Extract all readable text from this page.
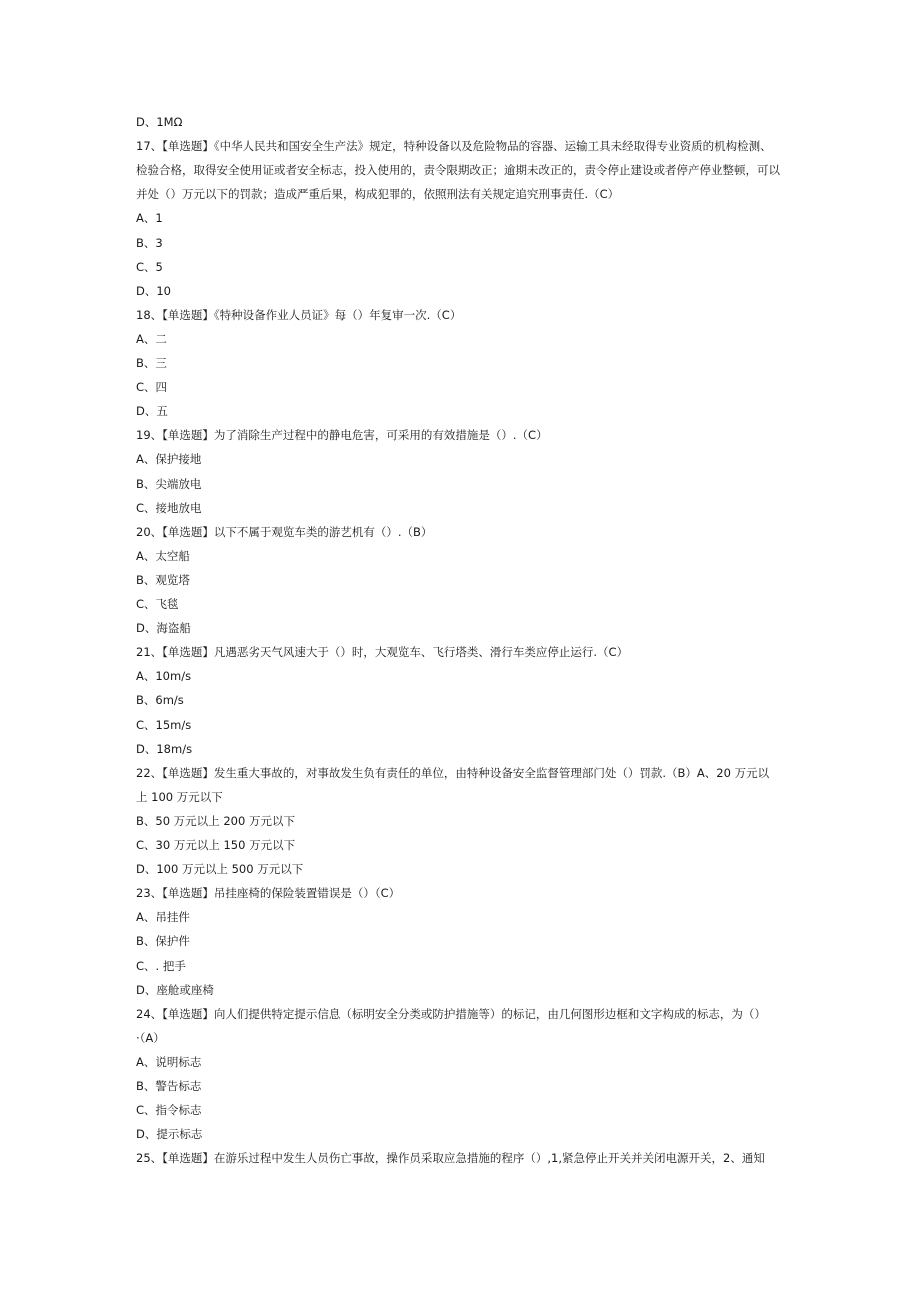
D、1MΩ
17、【单选题】《中华人民共和国安全生产法》规定，特种设备以及危险物品的容器、运输工具未经取得专业资质的机构检测、
检验合格，取得安全使用证或者安全标志，投入使用的，责令限期改正；逾期未改正的，责令停止建设或者停产停业整顿，可以
并处（）万元以下的罚款；造成严重后果，构成犯罪的，依照刑法有关规定追究刑事责任.（C）
A、1
B、3
C、5
D、10
18、【单选题】《特种设备作业人员证》每（）年复审一次.（C）
A、二
B、三
C、四
D、五
19、【单选题】为了消除生产过程中的静电危害，可采用的有效措施是（）.（C）
A、保护接地
B、尖端放电
C、接地放电
20、【单选题】以下不属于观览车类的游艺机有（）.（B）
A、太空船
B、观览塔
C、飞毯
D、海盗船
21、【单选题】凡遇恶劣天气风速大于（）时，大观览车、飞行塔类、滑行车类应停止运行.（C）
A、10m∕s
B、6m∕s
C、15m∕s
D、18m∕s
22、【单选题】发生重大事故的，对事故发生负有责任的单位，由特种设备安全监督管理部门处（）罚款.（B）A、20 万元以
上 100 万元以下
B、50 万元以上 200 万元以下
C、30 万元以上 150 万元以下
D、100 万元以上 500 万元以下
23、【单选题】吊挂座椅的保险装置错误是（）（C）
A、吊挂件
B、保护件
C、. 把手
D、座舱或座椅
24、【单选题】向人们提供特定提示信息（标明安全分类或防护措施等）的标记，由几何图形边框和文字构成的标志，为（）
·（A）
A、说明标志
B、警告标志
C、指令标志
D、提示标志
25、【单选题】在游乐过程中发生人员伤亡事故，操作员采取应急措施的程序（）,1,紧急停止开关并关闭电源开关，2、通知
